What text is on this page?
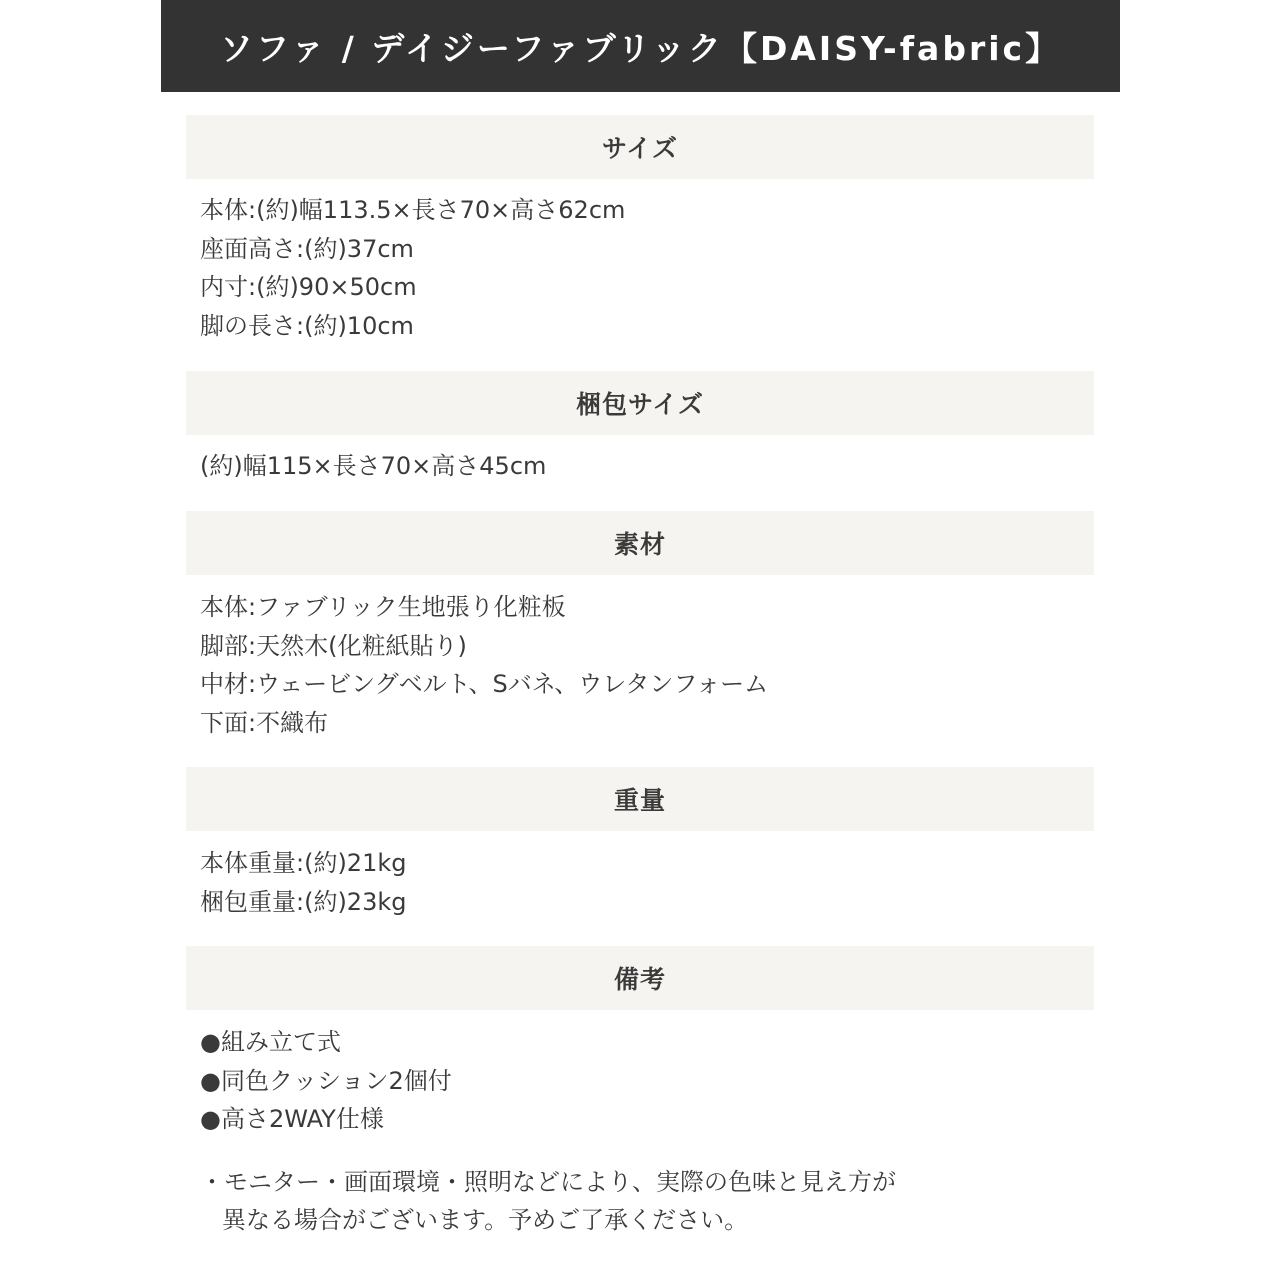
ソファ / デイジーファブリック【DAISY-fabric】
サイズ
本体:(約)幅113.5×長さ70×高さ62cm
座面高さ:(約)37cm
内寸:(約)90×50cm
脚の長さ:(約)10cm
梱包サイズ
(約)幅115×長さ70×高さ45cm
素材
本体:ファブリック生地張り化粧板
脚部:天然木(化粧紙貼り)
中材:ウェービングベルト、Sバネ、ウレタンフォーム
下面:不織布
重量
本体重量:(約)21kg
梱包重量:(約)23kg
備考
●組み立て式
●同色クッション2個付
●高さ2WAY仕様
・モニター・画面環境・照明などにより、実際の色味と見え方が
異なる場合がございます。予めご了承ください。
